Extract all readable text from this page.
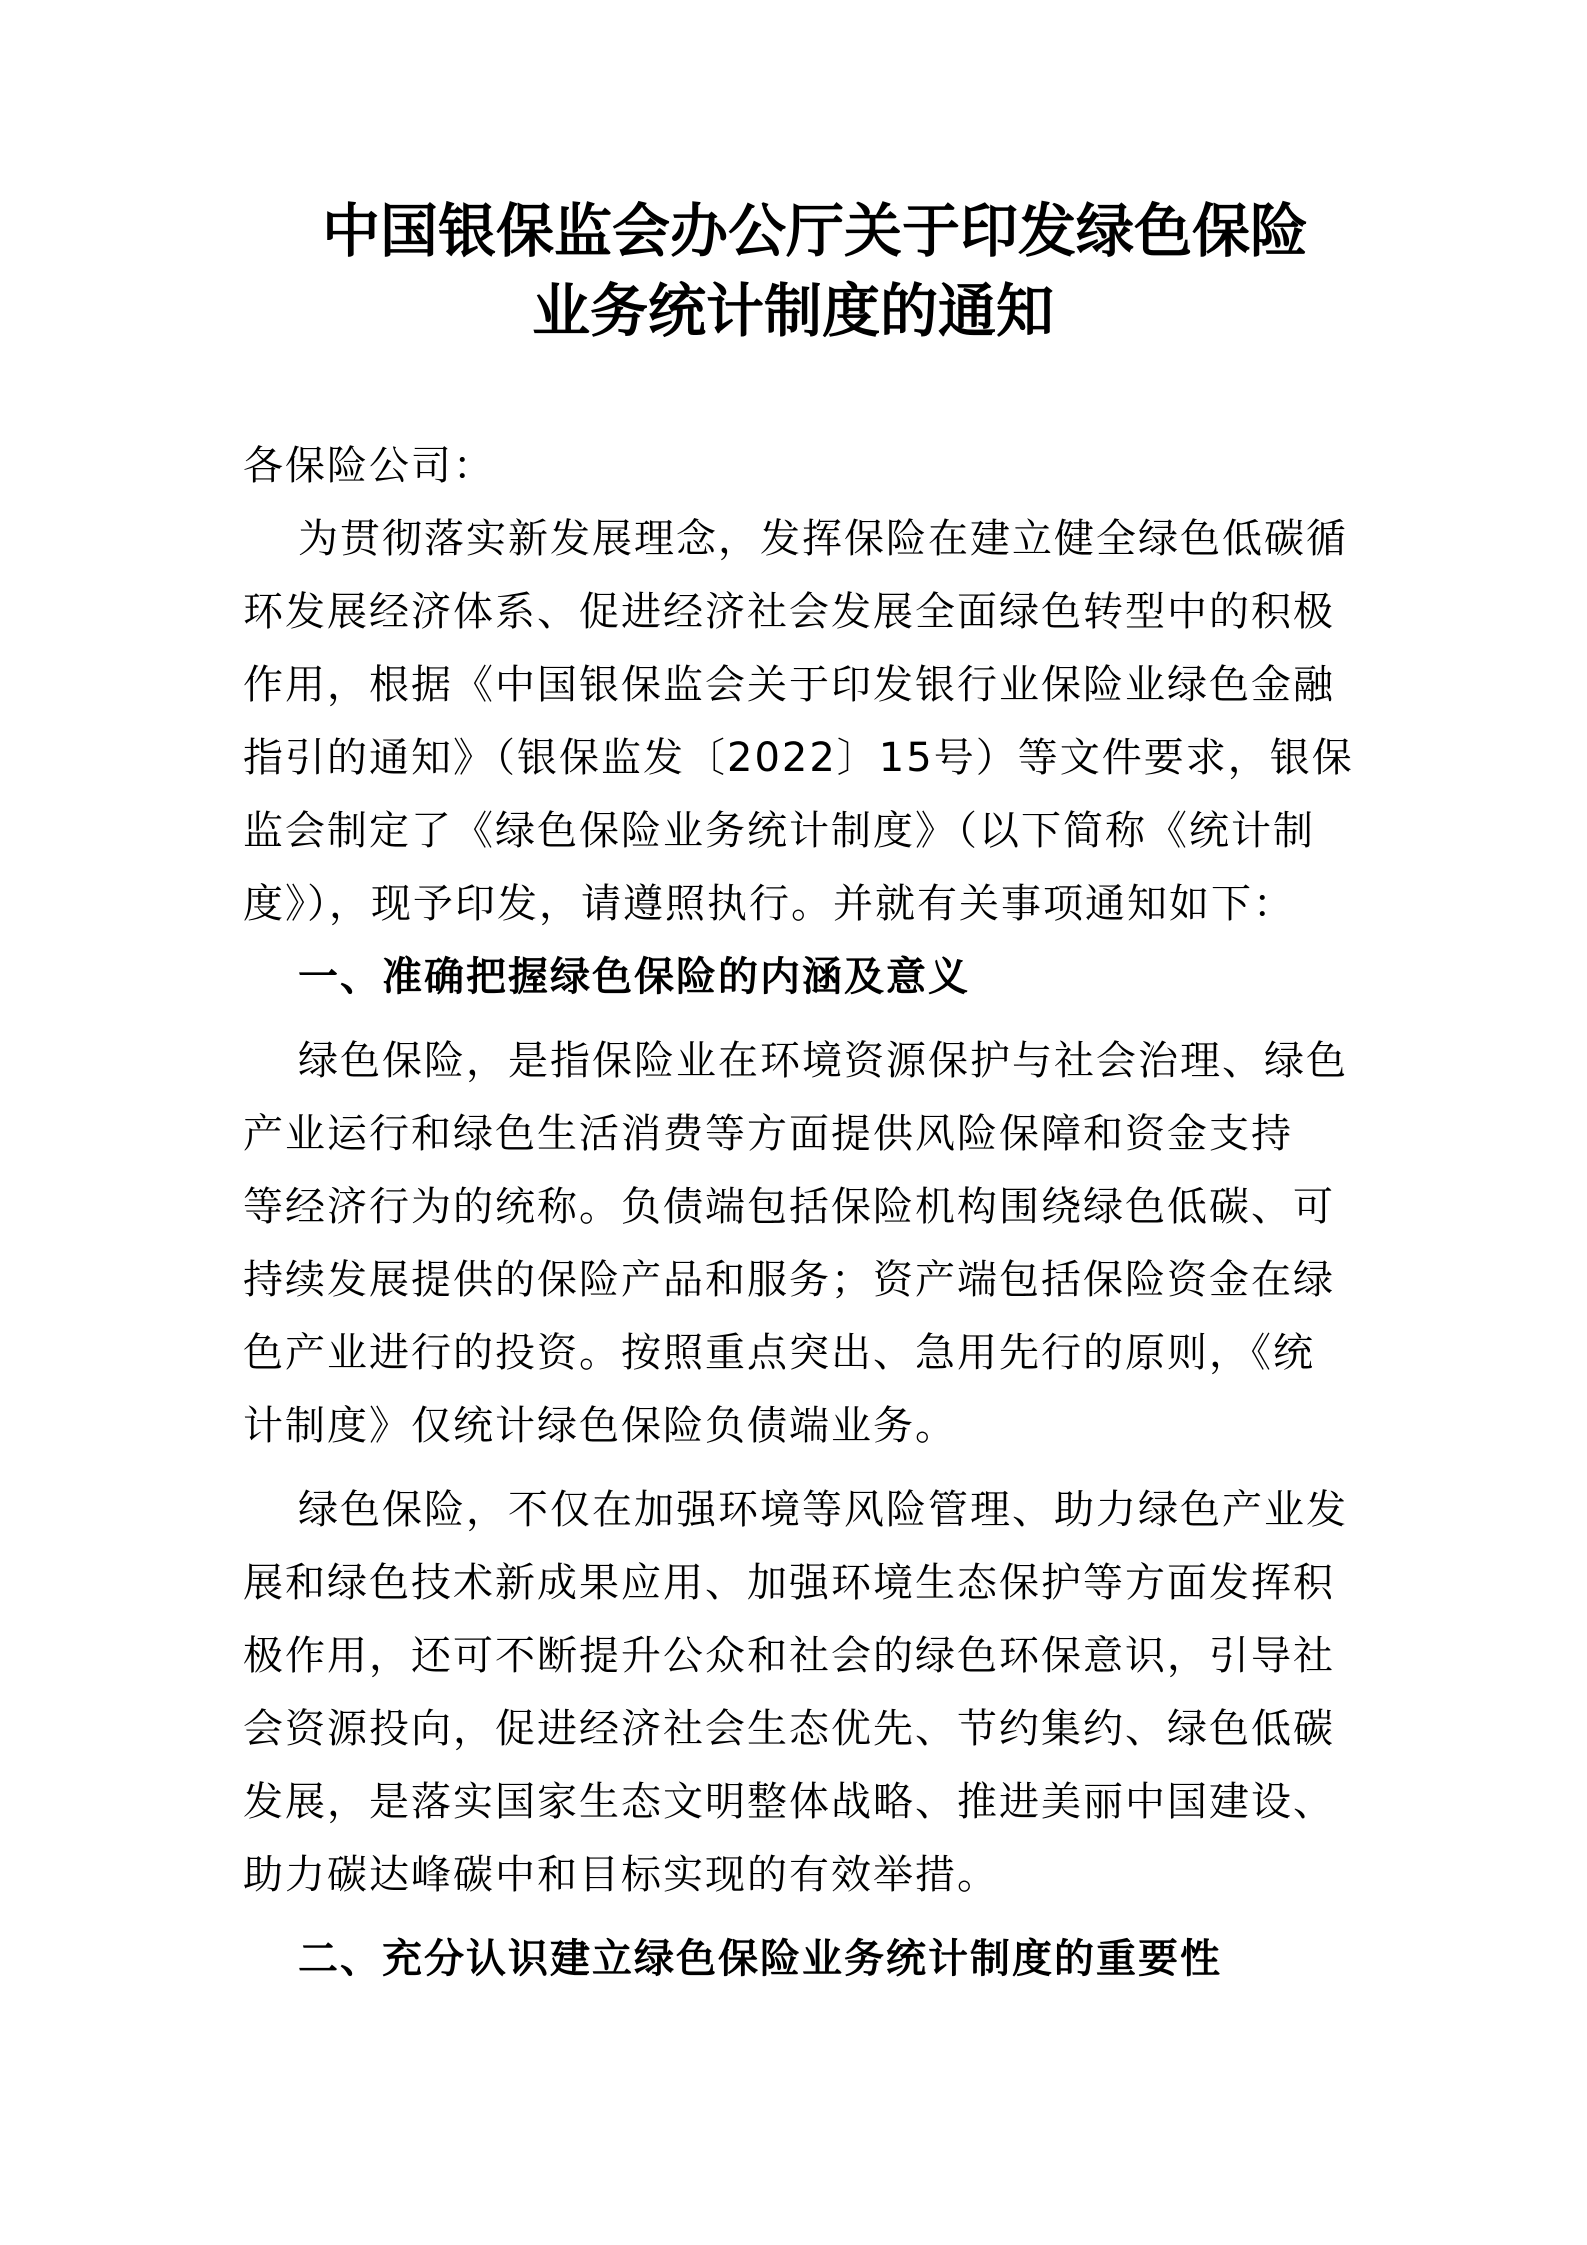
中国银保监会办公厅关于印发绿色保险
业务统计制度的通知
各保险公司：
为贯彻落实新发展理念，发挥保险在建立健全绿色低碳循
环发展经济体系、促进经济社会发展全面绿色转型中的积极
作用，根据《中国银保监会关于印发银行业保险业绿色金融
指引的通知》（银保监发〔2022〕15号）等文件要求，银保
监会制定了《绿色保险业务统计制度》（以下简称《统计制
度》），现予印发，请遵照执行。并就有关事项通知如下：
一、准确把握绿色保险的内涵及意义
绿色保险，是指保险业在环境资源保护与社会治理、绿色
产业运行和绿色生活消费等方面提供风险保障和资金支持
等经济行为的统称。负债端包括保险机构围绕绿色低碳、可
持续发展提供的保险产品和服务；资产端包括保险资金在绿
色产业进行的投资。按照重点突出、急用先行的原则，《统
计制度》仅统计绿色保险负债端业务。
绿色保险，不仅在加强环境等风险管理、助力绿色产业发
展和绿色技术新成果应用、加强环境生态保护等方面发挥积
极作用，还可不断提升公众和社会的绿色环保意识，引导社
会资源投向，促进经济社会生态优先、节约集约、绿色低碳
发展，是落实国家生态文明整体战略、推进美丽中国建设、
助力碳达峰碳中和目标实现的有效举措。
二、充分认识建立绿色保险业务统计制度的重要性
